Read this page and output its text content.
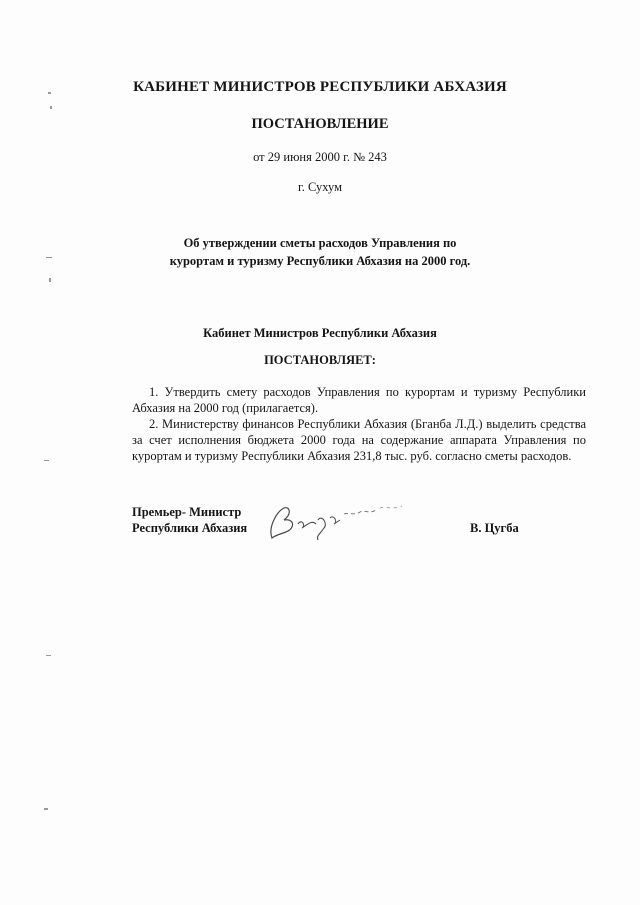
КАБИНЕТ МИНИСТРОВ РЕСПУБЛИКИ АБХАЗИЯ
ПОСТАНОВЛЕНИЕ
от 29 июня 2000 г. № 243
г. Сухум
Об утверждении сметы расходов Управления по
курортам и туризму Республики Абхазия на 2000 год.
Кабинет Министров Республики Абхазия
ПОСТАНОВЛЯЕТ:

1. Утвердить смету расходов Управления по курортам и туризму Республики Абхазия на 2000 год (прилагается).

2. Министерству финансов Республики Абхазия (Бганба Л.Д.) выделить средства за счет исполнения бюджета 2000 года на содержание аппарата Управления по курортам и туризму Республики Абхазия 231,8 тыс. руб. согласно сметы расходов.

Премьер- Министр
Республики Абхазия	В. Цугба
